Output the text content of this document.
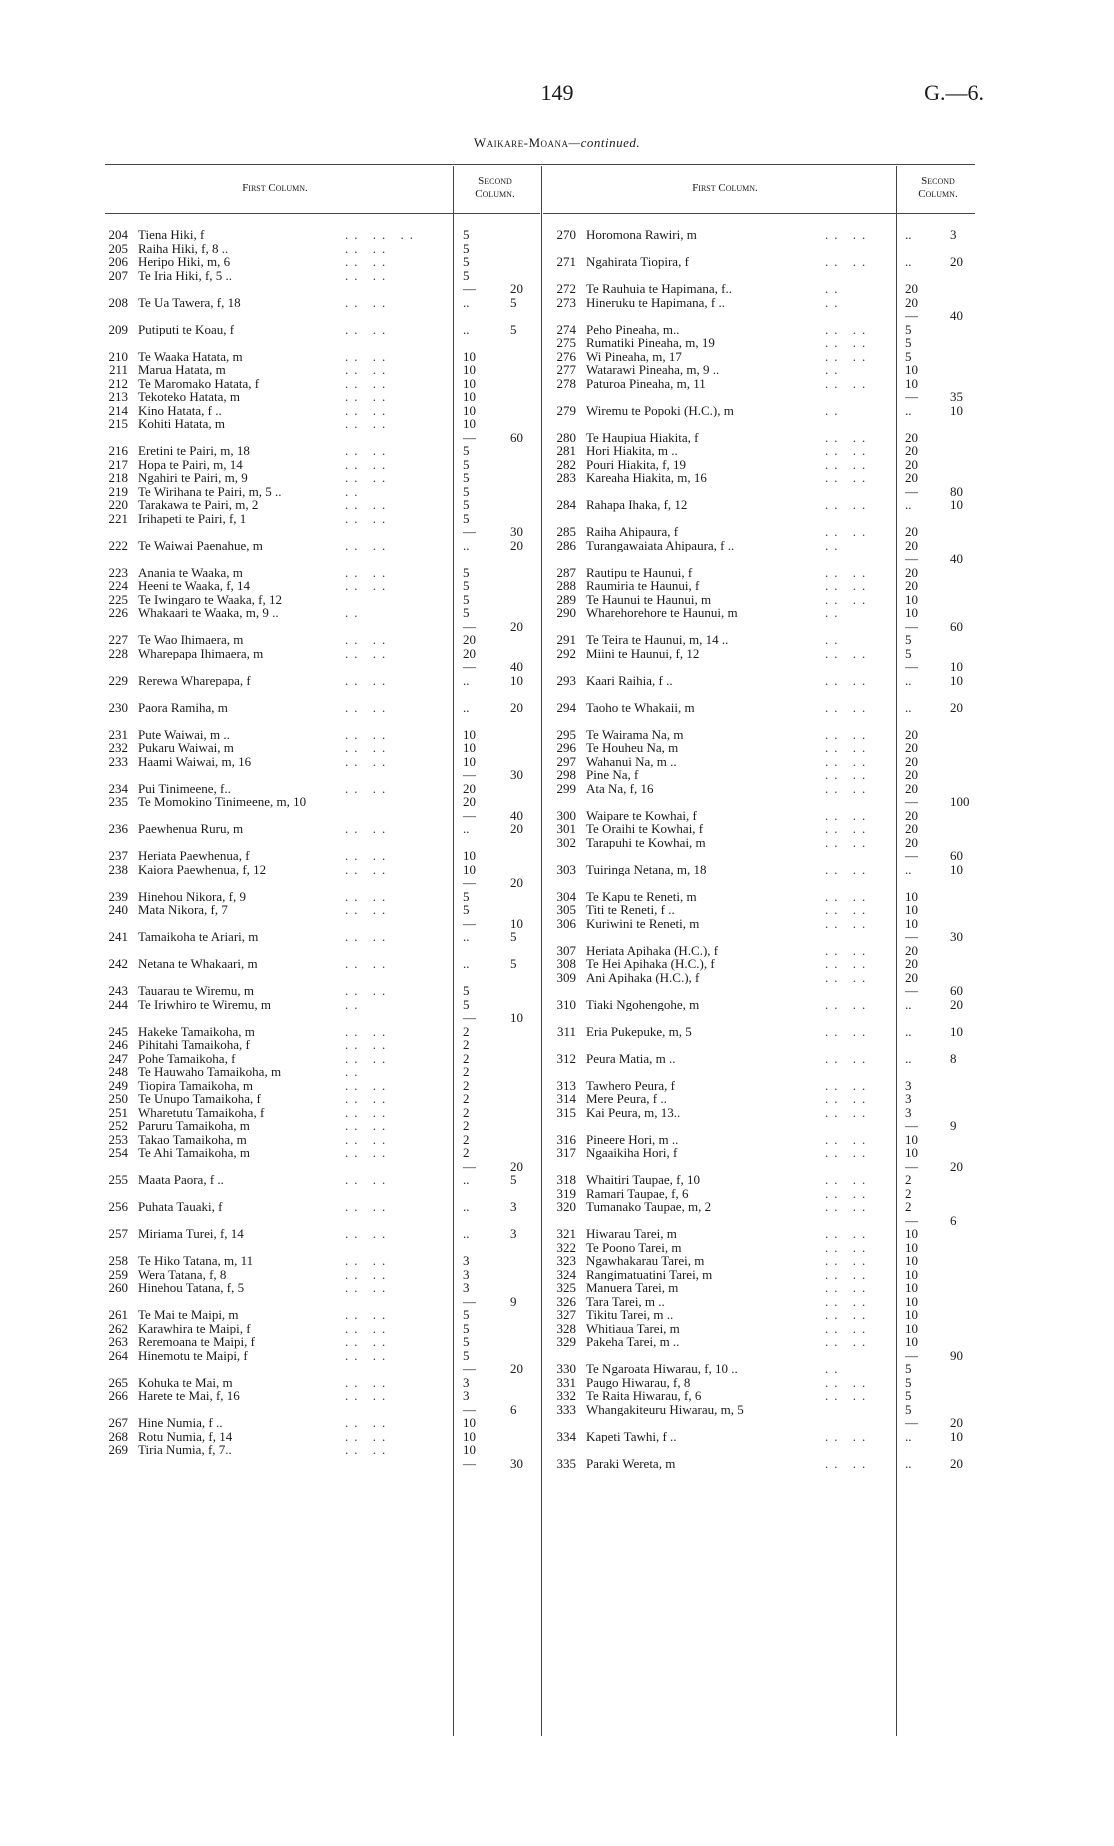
149	G.—6.
Waikare-Moana—continued.
First Column.
Second Column.	First Column.
Second Column.
204 Tiena Hiki, f	.. .. ..	5
205 Raiha Hiki, f, 8 ..	.. ..	5
206 Heripo Hiki, m, 6	.. ..	5
207 Te Iria Hiki, f, 5 ..	.. ..	5
—	20
208 Te Ua Tawera, f, 18	.. ..	..	5
209 Putiputi te Koau, f	.. ..	..	5
210 Te Waaka Hatata, m	.. ..	10
211 Marua Hatata, m	.. ..	10
212 Te Maromako Hatata, f	.. ..	10
213 Tekoteko Hatata, m	.. ..	10
214 Kino Hatata, f ..	.. ..	10
215 Kohiti Hatata, m	.. ..	10
—	60
216 Eretini te Pairi, m, 18	.. ..	5
217 Hopa te Pairi, m, 14	.. ..	5
218 Ngahiri te Pairi, m, 9	.. ..	5
219 Te Wirihana te Pairi, m, 5 ..	..	5
220 Tarakawa te Pairi, m, 2	.. ..	5
221 Irihapeti te Pairi, f, 1	.. ..	5
—	30
222 Te Waiwai Paenahue, m	.. ..	..	20
223 Anania te Waaka, m	.. ..	5
224 Heeni te Waaka, f, 14	.. ..	5
225 Te Iwingaro te Waaka, f, 12	5
226 Whakaari te Waaka, m, 9 ..	..	5
—	20
227 Te Wao Ihimaera, m	.. ..	20
228 Wharepapa Ihimaera, m	.. ..	20
—	40
229 Rerewa Wharepapa, f	.. ..	..	10
230 Paora Ramiha, m	.. ..	..	20
231 Pute Waiwai, m ..	.. ..	10
232 Pukaru Waiwai, m	.. ..	10
233 Haami Waiwai, m, 16	.. ..	10
—	30
234 Pui Tinimeene, f..	.. ..	20
235 Te Momokino Tinimeene, m, 10	20
—	40
236 Paewhenua Ruru, m	.. ..	..	20
237 Heriata Paewhenua, f	.. ..	10
238 Kaiora Paewhenua, f, 12	.. ..	10
—	20
239 Hinehou Nikora, f, 9	.. ..	5
240 Mata Nikora, f, 7	.. ..	5
—	10
241 Tamaikoha te Ariari, m	.. ..	..	5
242 Netana te Whakaari, m	.. ..	..	5
243 Tauarau te Wiremu, m	.. ..	5
244 Te Iriwhiro te Wiremu, m	..	5
—	10
245 Hakeke Tamaikoha, m	.. ..	2
246 Pihitahi Tamaikoha, f	.. ..	2
247 Pohe Tamaikoha, f	.. ..	2
248 Te Hauwaho Tamaikoha, m	..	2
249 Tiopira Tamaikoha, m	.. ..	2
250 Te Unupo Tamaikoha, f	.. ..	2
251 Wharetutu Tamaikoha, f	.. ..	2
252 Paruru Tamaikoha, m	.. ..	2
253 Takao Tamaikoha, m	.. ..	2
254 Te Ahi Tamaikoha, m	.. ..	2
—	20
255 Maata Paora, f ..	.. ..	..	5
256 Puhata Tauaki, f	.. ..	..	3
257 Miriama Turei, f, 14	.. ..	..	3
258 Te Hiko Tatana, m, 11	.. ..	3
259 Wera Tatana, f, 8	.. ..	3
260 Hinehou Tatana, f, 5	.. ..	3
—	9
261 Te Mai te Maipi, m	.. ..	5
262 Karawhira te Maipi, f	.. ..	5
263 Reremoana te Maipi, f	.. ..	5
264 Hinemotu te Maipi, f	.. ..	5
—	20
265 Kohuka te Mai, m	.. ..	3
266 Harete te Mai, f, 16	.. ..	3
—	6
267 Hine Numia, f ..	.. ..	10
268 Rotu Numia, f, 14	.. ..	10
269 Tiria Numia, f, 7..	.. ..	10
—	30
270 Horomona Rawiri, m	.. ..	..	3
271 Ngahirata Tiopira, f	.. ..	..	20
272 Te Rauhuia te Hapimana, f..	..	20
273 Hineruku te Hapimana, f ..	..	20
— 40
274 Peho Pineaha, m..	.. ..	5
275 Rumatiki Pineaha, m, 19	.. ..	5
276 Wi Pineaha, m, 17	.. ..	5
277 Watarawi Pineaha, m, 9 ..	..	10
278 Paturoa Pineaha, m, 11	.. ..	10
— 35
279 Wiremu te Popoki (H.C.), m	..	..	10
280 Te Haupiua Hiakita, f	.. ..	20
281 Hori Hiakita, m ..	.. ..	20
282 Pouri Hiakita, f, 19	.. ..	20
283 Kareaha Hiakita, m, 16	.. ..	20
— 80
284 Rahapa Ihaka, f, 12	.. ..	..	10
285 Raiha Ahipaura, f	.. ..	20
286 Turangawaiata Ahipaura, f ..	..	20
— 40
287 Rautipu te Haunui, f	.. ..	20
288 Raumiria te Haunui, f	.. ..	20
289 Te Haunui te Haunui, m	.. ..	10
290 Wharehorehore te Haunui, m	..	10
— 60
291 Te Teira te Haunui, m, 14 ..	..	5
292 Miini te Haunui, f, 12	.. ..	5
— 10
293 Kaari Raihia, f ..	.. ..	..	10
294 Taoho te Whakaii, m	.. ..	..	20
295 Te Wairama Na, m	.. ..	20
296 Te Houheu Na, m	.. ..	20
297 Wahanui Na, m ..	.. ..	20
298 Pine Na, f	.. ..	20
299 Ata Na, f, 16	.. ..	20
— 100
300 Waipare te Kowhai, f	.. ..	20
301 Te Oraihi te Kowhai, f	.. ..	20
302 Tarapuhi te Kowhai, m	.. ..	20
— 60
303 Tuiringa Netana, m, 18	.. ..	..	10
304 Te Kapu te Reneti, m	.. ..	10
305 Titi te Reneti, f ..	.. ..	10
306 Kuriwini te Reneti, m	.. ..	10
— 30
307 Heriata Apihaka (H.C.), f	.. ..	20
308 Te Hei Apihaka (H.C.), f	.. ..	20
309 Ani Apihaka (H.C.), f	.. ..	20
— 60
310 Tiaki Ngohengohe, m	.. ..	..	20
311 Eria Pukepuke, m, 5	.. ..	..	10
312 Peura Matia, m ..	.. ..	..	8
313 Tawhero Peura, f	.. ..	3
314 Mere Peura, f ..	.. ..	3
315 Kai Peura, m, 13..	.. ..	3
— 9
316 Pineere Hori, m ..	.. ..	10
317 Ngaaikiha Hori, f	.. ..	10
— 20
318 Whaitiri Taupae, f, 10	.. ..	2
319 Ramari Taupae, f, 6	.. ..	2
320 Tumanako Taupae, m, 2	.. ..	2
— 6
321 Hiwarau Tarei, m	.. ..	10
322 Te Poono Tarei, m	.. ..	10
323 Ngawhakarau Tarei, m	.. ..	10
324 Rangimatuatini Tarei, m	.. ..	10
325 Manuera Tarei, m	.. ..	10
326 Tara Tarei, m ..	.. ..	10
327 Tikitu Tarei, m ..	.. ..	10
328 Whitiaua Tarei, m	.. ..	10
329 Pakeha Tarei, m ..	.. ..	10
— 90
330 Te Ngaroata Hiwarau, f, 10 ..	..	5
331 Paugo Hiwarau, f, 8	.. ..	5
332 Te Raita Hiwarau, f, 6	.. ..	5
333 Whangakiteuru Hiwarau, m, 5	5
— 20
334 Kapeti Tawhi, f ..	.. ..	..	10
335 Paraki Wereta, m	.. ..	..	20
